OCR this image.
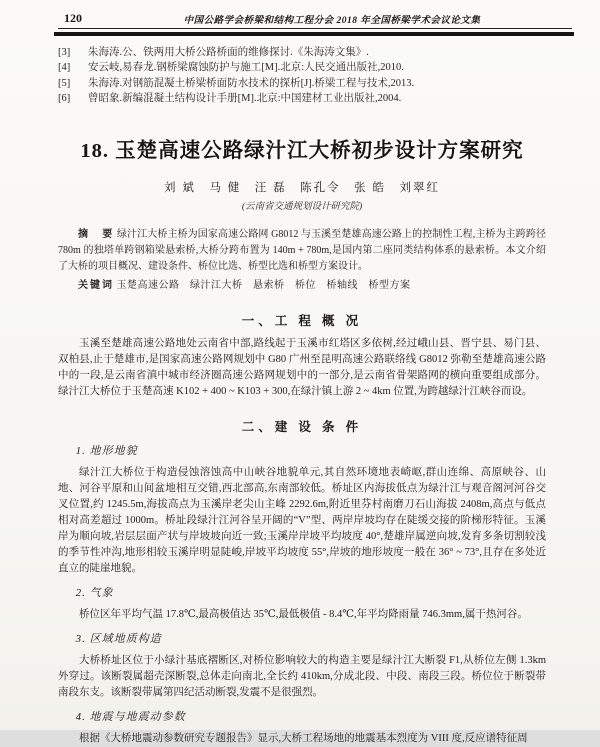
120	中国公路学会桥梁和结构工程分会 2018 年全国桥梁学术会议论文集
[3]	朱海涛.公、铁两用大桥公路桥面的维修探讨.《朱海涛文集》.
[4]	安云岐,易春龙.钢桥梁腐蚀防护与施工[M].北京:人民交通出版社,2010.
[5]	朱海涛.对钢筋混凝土桥梁桥面防水技术的探析[J].桥梁工程与技术,2013.
[6]	曾昭象.新编混凝土结构设计手册[M].北京:中国建材工业出版社,2004.
18. 玉楚高速公路绿汁江大桥初步设计方案研究
刘 斌　马 健　汪 磊　陈孔令　张 皓　刘翠红
(云南省交通规划设计研究院)
摘　要 绿汁江大桥主桥为国家高速公路网 G8012 与玉溪至楚雄高速公路上的控制性工程,主桥为主跨跨径 780m 的独塔单跨钢箱梁悬索桥,大桥分跨布置为 140m + 780m,是国内第二座同类结构体系的悬索桥。本文介绍了大桥的项目概况、建设条件、桥位比选、桥型比选和桥型方案设计。
关键词 玉楚高速公路　绿汁江大桥　悬索桥　桥位　桥轴线　桥型方案
一、工 程 概 况
玉溪至楚雄高速公路地处云南省中部,路线起于玉溪市红塔区多依树,经过峨山县、晋宁县、易门县、双柏县,止于楚雄市,是国家高速公路网规划中 G80 广州至昆明高速公路联络线 G8012 弥勒至楚雄高速公路中的一段,是云南省滇中城市经济圈高速公路网规划中的一部分,是云南省骨架路网的横向重要组成部分。绿汁江大桥位于玉楚高速 K102 + 400 ~ K103 + 300,在绿汁镇上游 2 ~ 4km 位置,为跨越绿汁江峡谷而设。
二、建 设 条 件
1. 地形地貌
绿汁江大桥位于构造侵蚀溶蚀高中山峡谷地貌单元,其自然环境地表崎岖,群山连绵、高原峡谷、山地、河谷平原和山间盆地相互交错,西北部高,东南部较低。桥址区内海拔低点为绿汁江与观音阁河河谷交叉位置,约 1245.5m,海拔高点为玉溪岸老尖山主峰 2292.6m,附近里芬村南磨刀石山海拔 2408m,高点与低点相对高差超过 1000m。桥址段绿汁江河谷呈开阔的“V”型、两岸岸坡均存在陡缓交接的阶梯形特征。玉溪岸为顺向坡,岩层层面产状与岸坡坡向近一致;玉溪岸岸坡平均坡度 40°,楚雄岸属逆向坡,发育多条切割较浅的季节性冲沟,地形相较玉溪岸明显陡峻,岸坡平均坡度 55°,岸坡的地形坡度一般在 36° ~ 73°,且存在多处近直立的陡崖地貌。
2. 气象
桥位区年平均气温 17.8℃,最高极值达 35℃,最低极值 - 8.4℃,年平均降雨量 746.3mm,属干热河谷。
3. 区域地质构造
大桥桥址区位于小绿汁基底褶断区,对桥位影响较大的构造主要是绿汁江大断裂 F1,从桥位左侧 1.3km外穿过。该断裂属超壳深断裂,总体走向南北,全长约 410km,分成北段、中段、南段三段。桥位位于断裂带南段东支。该断裂带属第四纪活动断裂,发震不是很强烈。
4. 地震与地震动参数
根据《大桥地震动参数研究专题报告》显示,大桥工程场地的地震基本烈度为 VIII 度,反应谱特征周
